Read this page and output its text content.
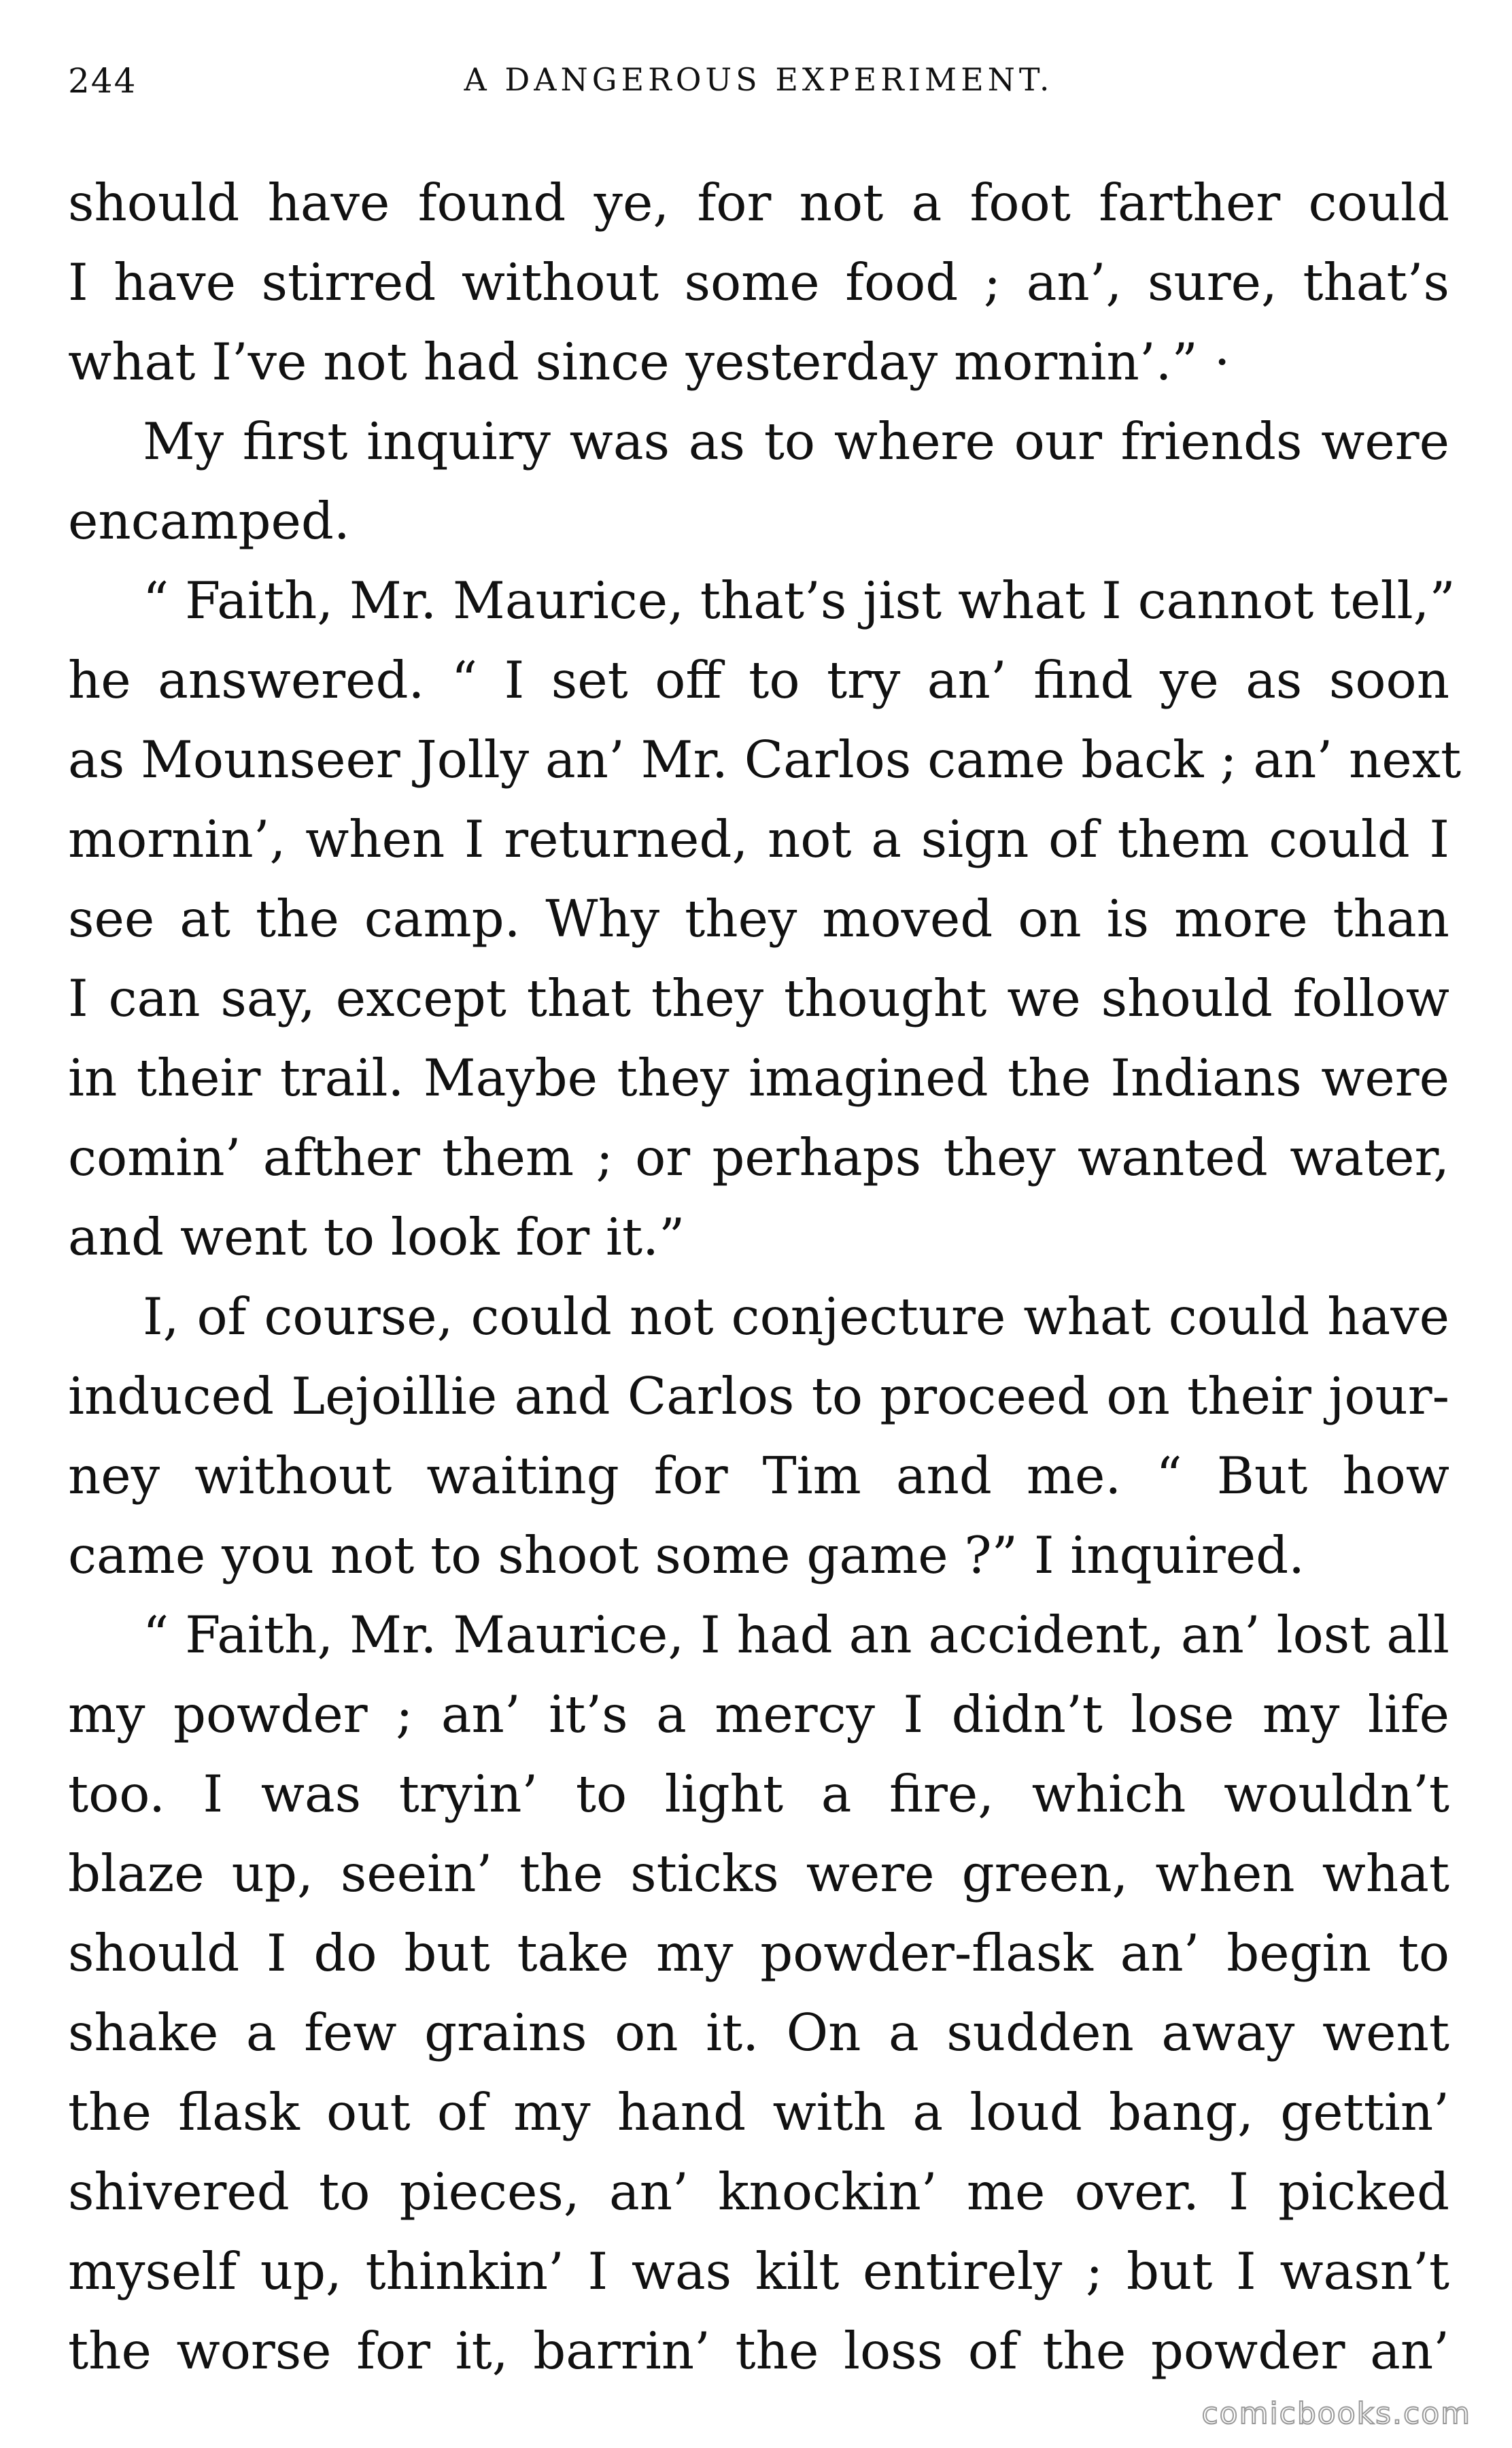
244	A DANGEROUS EXPERIMENT.
should have found ye, for not a foot farther could
I have stirred without some food ; an’, sure, that’s
what I’ve not had since yesterday mornin’.” ·
My first inquiry was as to where our friends were
encamped.
“ Faith, Mr. Maurice, that’s jist what I cannot tell,”
he answered. “ I set off to try an’ find ye as soon
as Mounseer Jolly an’ Mr. Carlos came back ; an’ next
mornin’, when I returned, not a sign of them could I
see at the camp. Why they moved on is more than
I can say, except that they thought we should follow
in their trail. Maybe they imagined the Indians were
comin’ afther them ; or perhaps they wanted water,
and went to look for it.”
I, of course, could not conjecture what could have
induced Lejoillie and Carlos to proceed on their jour-
ney without waiting for Tim and me. “ But how
came you not to shoot some game ?” I inquired.
“ Faith, Mr. Maurice, I had an accident, an’ lost all
my powder ; an’ it’s a mercy I didn’t lose my life
too. I was tryin’ to light a fire, which wouldn’t
blaze up, seein’ the sticks were green, when what
should I do but take my powder-flask an’ begin to
shake a few grains on it. On a sudden away went
the flask out of my hand with a loud bang, gettin’
shivered to pieces, an’ knockin’ me over. I picked
myself up, thinkin’ I was kilt entirely ; but I wasn’t
the worse for it, barrin’ the loss of the powder an’
comicbooks.com
